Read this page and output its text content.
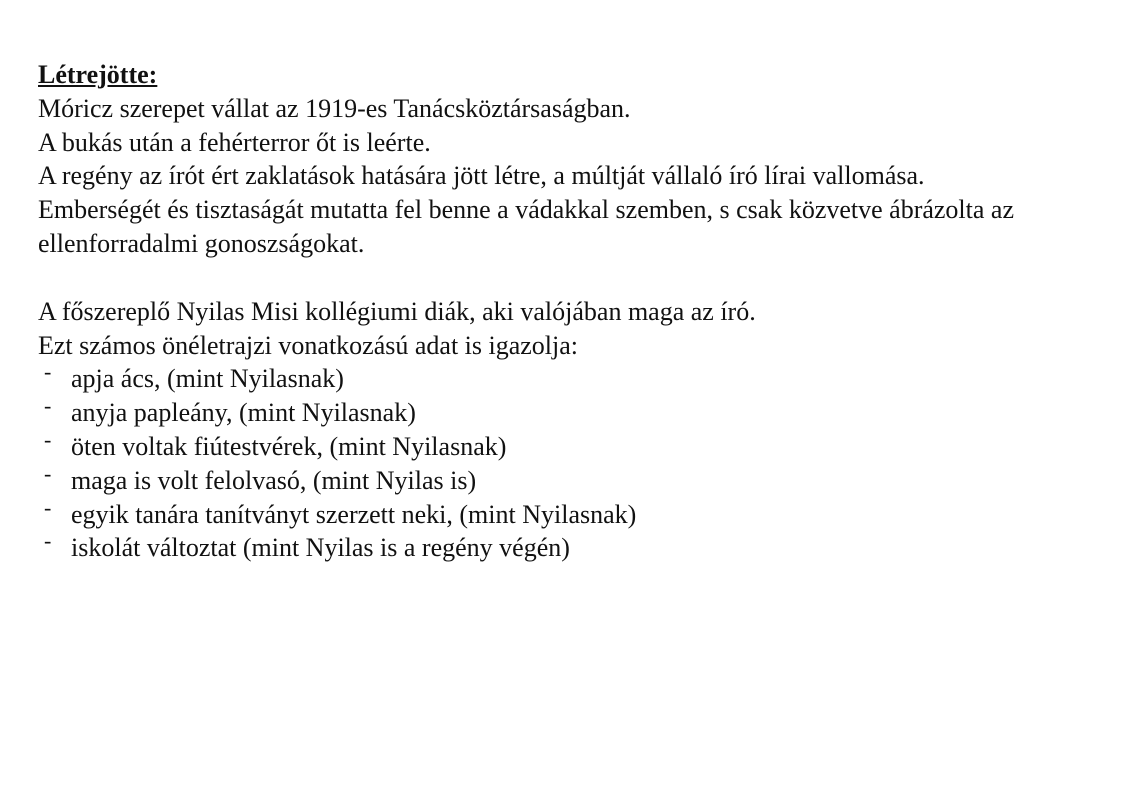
Létrejötte:

Móricz szerepet vállat az 1919-es Tanácsköztársaságban.

A bukás után a fehérterror őt is leérte.

A regény az írót ért zaklatások hatására jött létre, a múltját vállaló író lírai vallomása.

Emberségét és tisztaságát mutatta fel benne a vádakkal szemben, s csak közvetve ábrázolta az ellenforradalmi gonoszságokat.

A főszereplő Nyilas Misi kollégiumi diák, aki valójában maga az író.

Ezt számos önéletrajzi vonatkozású adat is igazolja:

- apja ács, (mint Nyilasnak)
- anyja papleány, (mint Nyilasnak)
- öten voltak fiútestvérek, (mint Nyilasnak)
- maga is volt felolvasó, (mint Nyilas is)
- egyik tanára tanítványt szerzett neki, (mint Nyilasnak)
- iskolát változtat (mint Nyilas is a regény végén)
